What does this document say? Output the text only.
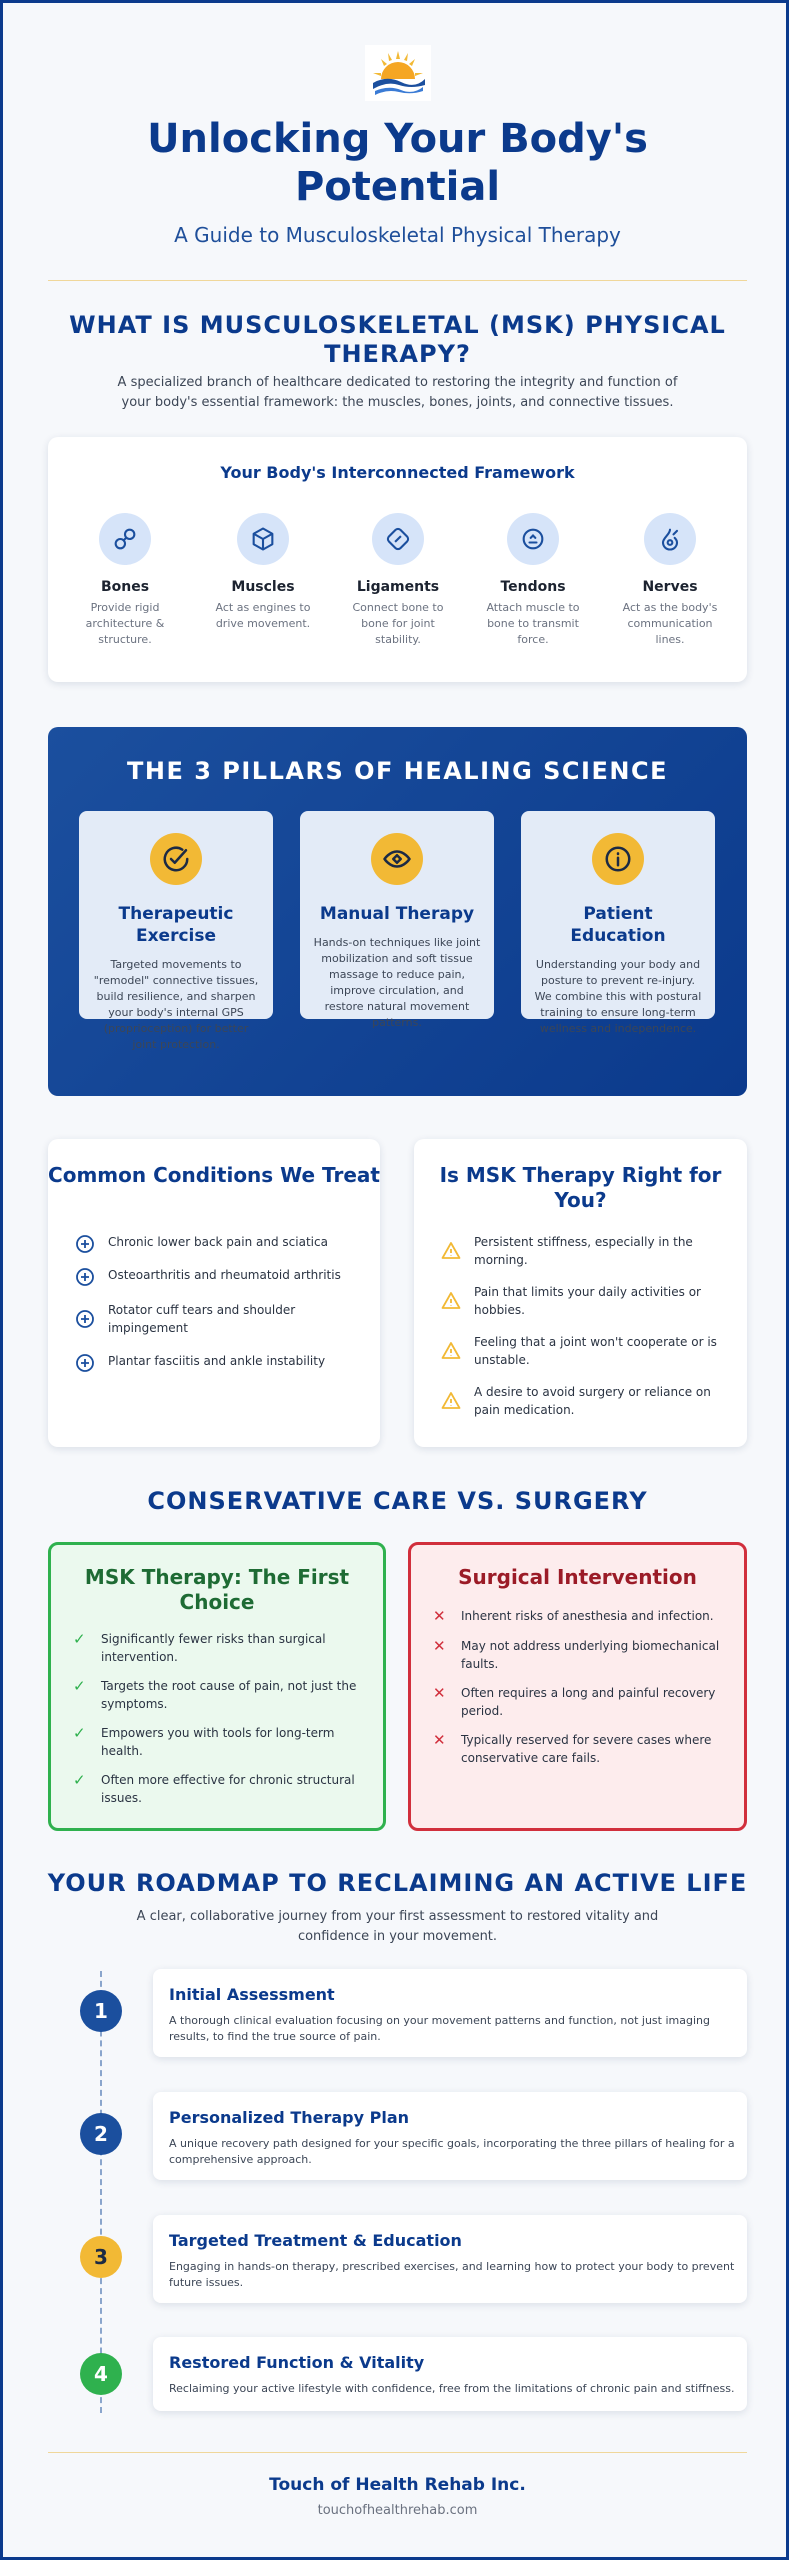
Unlocking Your Body's Potential
A Guide to Musculoskeletal Physical Therapy
WHAT IS MUSCULOSKELETAL (MSK) PHYSICAL THERAPY?
A specialized branch of healthcare dedicated to restoring the integrity and function of your body's essential framework: the muscles, bones, joints, and connective tissues.
Your Body's Interconnected Framework
Bones
Provide rigid architecture & structure.
Muscles
Act as engines to drive movement.
Ligaments
Connect bone to bone for joint stability.
Tendons
Attach muscle to bone to transmit force.
Nerves
Act as the body's communication lines.
THE 3 PILLARS OF HEALING SCIENCE
Therapeutic Exercise
Targeted movements to "remodel" connective tissues, build resilience, and sharpen your body's internal GPS (proprioception) for better joint protection.
Manual Therapy
Hands-on techniques like joint mobilization and soft tissue massage to reduce pain, improve circulation, and restore natural movement patterns.
Patient Education
Understanding your body and posture to prevent re-injury. We combine this with postural training to ensure long-term wellness and independence.
Common Conditions We Treat
Chronic lower back pain and sciatica
Osteoarthritis and rheumatoid arthritis
Rotator cuff tears and shoulder impingement
Plantar fasciitis and ankle instability
Is MSK Therapy Right for You?
Persistent stiffness, especially in the morning.
Pain that limits your daily activities or hobbies.
Feeling that a joint won't cooperate or is unstable.
A desire to avoid surgery or reliance on pain medication.
CONSERVATIVE CARE VS. SURGERY
MSK Therapy: The First Choice
✓ Significantly fewer risks than surgical intervention.
✓ Targets the root cause of pain, not just the symptoms.
✓ Empowers you with tools for long-term health.
✓ Often more effective for chronic structural issues.
Surgical Intervention
✕ Inherent risks of anesthesia and infection.
✕ May not address underlying biomechanical faults.
✕ Often requires a long and painful recovery period.
✕ Typically reserved for severe cases where conservative care fails.
YOUR ROADMAP TO RECLAIMING AN ACTIVE LIFE
A clear, collaborative journey from your first assessment to restored vitality and confidence in your movement.
1
Initial Assessment
A thorough clinical evaluation focusing on your movement patterns and function, not just imaging results, to find the true source of pain.
2
Personalized Therapy Plan
A unique recovery path designed for your specific goals, incorporating the three pillars of healing for a comprehensive approach.
3
Targeted Treatment & Education
Engaging in hands-on therapy, prescribed exercises, and learning how to protect your body to prevent future issues.
4	Restored Function & Vitality
Reclaiming your active lifestyle with confidence, free from the limitations of chronic pain and stiffness.
Touch of Health Rehab Inc.
touchofhealthrehab.com
